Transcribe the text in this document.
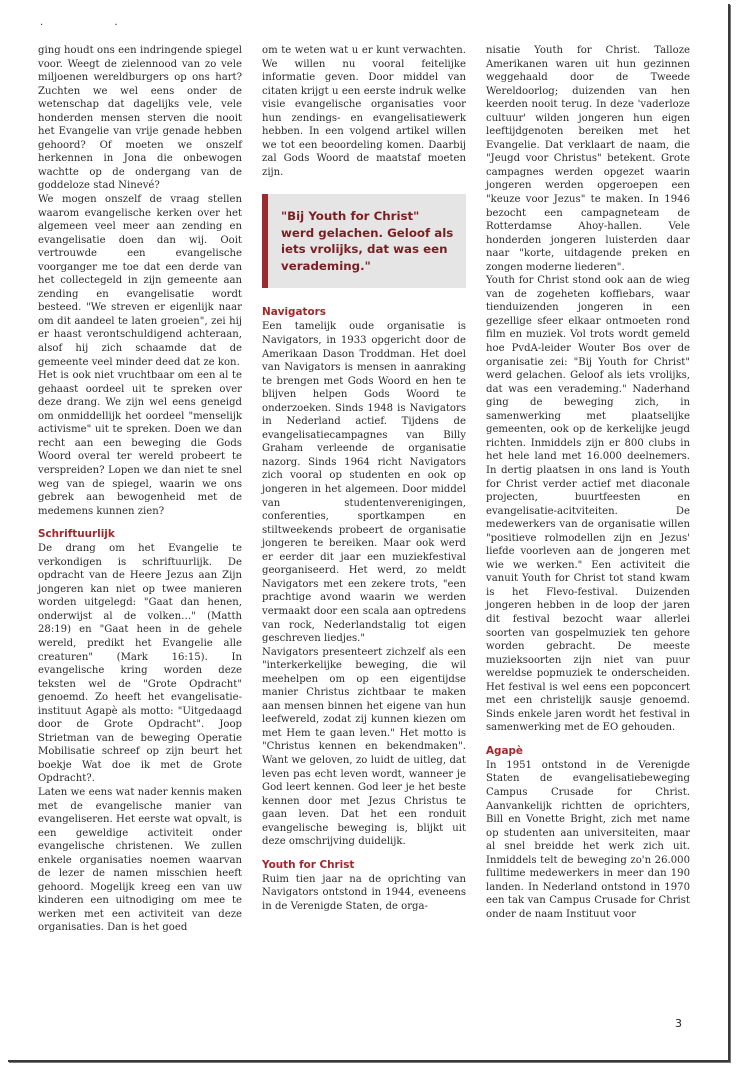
· ·

ging houdt ons een indringende spiegel voor. Weegt de zielennood van zo vele miljoenen wereldburgers op ons hart? Zuchten we wel eens onder de wetenschap dat dagelijks vele, vele honderden mensen sterven die nooit het Evangelie van vrije genade hebben gehoord? Of moeten we onszelf herkennen in Jona die onbewogen wachtte op de ondergang van de goddeloze stad Ninevé?

We mogen onszelf de vraag stellen waarom evangelische kerken over het algemeen veel meer aan zending en evangelisatie doen dan wij. Ooit vertrouwde een evangelische voorganger me toe dat een derde van het collectegeld in zijn gemeente aan zending en evangelisatie wordt besteed. "We streven er eigenlijk naar om dit aandeel te laten groeien", zei hij er haast verontschuldigend achteraan, alsof hij zich schaamde dat de gemeente veel minder deed dat ze kon.

Het is ook niet vruchtbaar om een al te gehaast oordeel uit te spreken over deze drang. We zijn wel eens geneigd om onmiddellijk het oordeel "menselijk activisme" uit te spreken. Doen we dan recht aan een beweging die Gods Woord overal ter wereld probeert te verspreiden? Lopen we dan niet te snel weg van de spiegel, waarin we ons gebrek aan bewogenheid met de medemens kunnen zien?

Schriftuurlijk

De drang om het Evangelie te verkondigen is schriftuurlijk. De opdracht van de Heere Jezus aan Zijn jongeren kan niet op twee manieren worden uitgelegd: "Gaat dan henen, onderwijst al de volken…" (Matth 28:19) en "Gaat heen in de gehele wereld, predikt het Evangelie alle creaturen" (Mark 16:15). In evangelische kring worden deze teksten wel de "Grote Opdracht" genoemd. Zo heeft het evangelisatie-instituut Agapè als motto: "Uitgedaagd door de Grote Opdracht". Joop Strietman van de beweging Operatie Mobilisatie schreef op zijn beurt het boekje Wat doe ik met de Grote Opdracht?.

Laten we eens wat nader kennis maken met de evangelische manier van evangeliseren. Het eerste wat opvalt, is een geweldige activiteit onder evangelische christenen. We zullen enkele organisaties noemen waarvan de lezer de namen misschien heeft gehoord. Mogelijk kreeg een van uw kinderen een uitnodiging om mee te werken met een activiteit van deze organisaties. Dan is het goed

om te weten wat u er kunt verwachten. We willen nu vooral feitelijke informatie geven. Door middel van citaten krijgt u een eerste indruk welke visie evangelische organisaties voor hun zendings- en evangelisatiewerk hebben. In een volgend artikel willen we tot een beoordeling komen. Daarbij zal Gods Woord de maatstaf moeten zijn.

"Bij Youth for Christ" werd gelachen. Geloof als iets vrolijks, dat was een verademing."
Navigators

Een tamelijk oude organisatie is Navigators, in 1933 opgericht door de Amerikaan Dason Troddman. Het doel van Navigators is mensen in aanraking te brengen met Gods Woord en hen te blijven helpen Gods Woord te onderzoeken. Sinds 1948 is Navigators in Nederland actief. Tijdens de evangelisatiecampagnes van Billy Graham verleende de organisatie nazorg. Sinds 1964 richt Navigators zich vooral op studenten en ook op jongeren in het algemeen. Door middel van studentenverenigingen, conferenties, sportkampen en stiltweekends probeert de organisatie jongeren te bereiken. Maar ook werd er eerder dit jaar een muziekfestival georganiseerd. Het werd, zo meldt Navigators met een zekere trots, "een prachtige avond waarin we werden vermaakt door een scala aan optredens van rock, Nederlandstalig tot eigen geschreven liedjes."

Navigators presenteert zichzelf als een "interkerkelijke beweging, die wil meehelpen om op een eigentijdse manier Christus zichtbaar te maken aan mensen binnen het eigene van hun leefwereld, zodat zij kunnen kiezen om met Hem te gaan leven." Het motto is "Christus kennen en bekendmaken". Want we geloven, zo luidt de uitleg, dat leven pas echt leven wordt, wanneer je God leert kennen. God leer je het beste kennen door met Jezus Christus te gaan leven. Dat het een ronduit evangelische beweging is, blijkt uit deze omschrijving duidelijk.

Youth for Christ

Ruim tien jaar na de oprichting van Navigators ontstond in 1944, eveneens in de Verenigde Staten, de orga-

nisatie Youth for Christ. Talloze Amerikanen waren uit hun gezinnen weggehaald door de Tweede Wereldoorlog; duizenden van hen keerden nooit terug. In deze 'vaderloze cultuur' wilden jongeren hun eigen leeftijdgenoten bereiken met het Evangelie. Dat verklaart de naam, die "Jeugd voor Christus" betekent. Grote campagnes werden opgezet waarin jongeren werden opgeroepen een "keuze voor Jezus" te maken. In 1946 bezocht een campagneteam de Rotterdamse Ahoy-hallen. Vele honderden jongeren luisterden daar naar "korte, uitdagende preken en zongen moderne liederen".

Youth for Christ stond ook aan de wieg van de zogeheten koffiebars, waar tienduizenden jongeren in een gezellige sfeer elkaar ontmoeten rond film en muziek. Vol trots wordt gemeld hoe PvdA-leider Wouter Bos over de organisatie zei: "Bij Youth for Christ" werd gelachen. Geloof als iets vrolijks, dat was een verademing." Naderhand ging de beweging zich, in samenwerking met plaatselijke gemeenten, ook op de kerkelijke jeugd richten. Inmiddels zijn er 800 clubs in het hele land met 16.000 deelnemers. In dertig plaatsen in ons land is Youth for Christ verder actief met diaconale projecten, buurtfeesten en evangelisatie-acitviteiten. De medewerkers van de organisatie willen "positieve rolmodellen zijn en Jezus' liefde voorleven aan de jongeren met wie we werken." Een activiteit die vanuit Youth for Christ tot stand kwam is het Flevo-festival. Duizenden jongeren hebben in de loop der jaren dit festival bezocht waar allerlei soorten van gospelmuziek ten gehore worden gebracht. De meeste muzieksoorten zijn niet van puur wereldse popmuziek te onderscheiden. Het festival is wel eens een popconcert met een christelijk sausje genoemd. Sinds enkele jaren wordt het festival in samenwerking met de EO gehouden.

Agapè

In 1951 ontstond in de Verenigde Staten de evangelisatiebeweging Campus Crusade for Christ. Aanvankelijk richtten de oprichters, Bill en Vonette Bright, zich met name op studenten aan universiteiten, maar al snel breidde het werk zich uit. Inmiddels telt de beweging zo'n 26.000 fulltime medewerkers in meer dan 190 landen. In Nederland ontstond in 1970 een tak van Campus Crusade for Christ onder de naam Instituut voor

3
